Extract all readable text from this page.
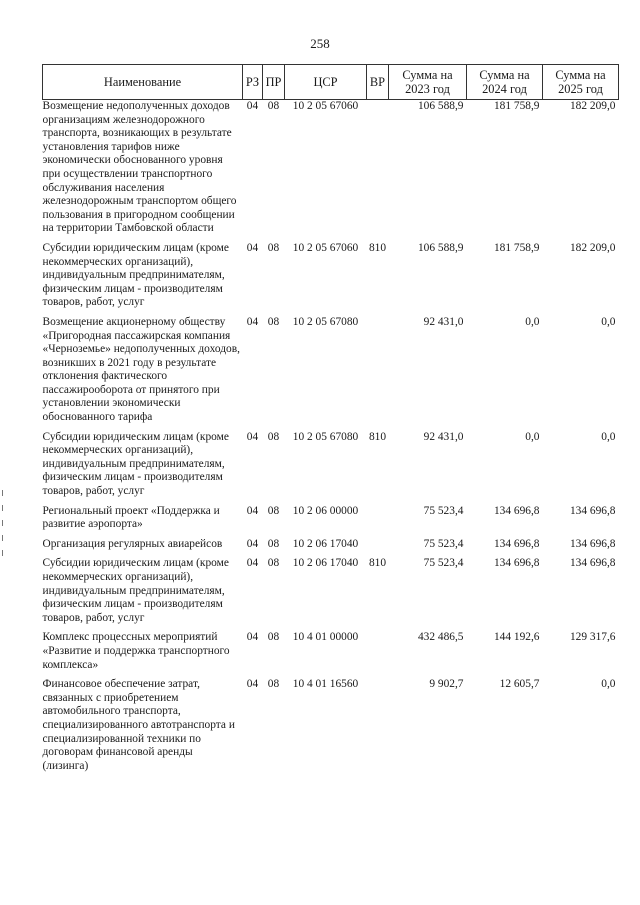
258
Наименование	РЗ	ПР	ЦСР	ВР	Сумма на 2023 год	Сумма на 2024 год	Сумма на 2025 год
Возмещение недополученных доходов организациям железнодорожного транспорта, возникающих в результате установления тарифов ниже экономически обоснованного уровня при осуществлении транспортного обслуживания населения железнодорожным транспортом общего пользования в пригородном сообщении на территории Тамбовской области	04	08	10 2 05 67060		106 588,9	181 758,9	182 209,0
Субсидии юридическим лицам (кроме некоммерческих организаций), индивидуальным предпринимателям, физическим лицам - производителям товаров, работ, услуг	04	08	10 2 05 67060	810	106 588,9	181 758,9	182 209,0
Возмещение акционерному обществу «Пригородная пассажирская компания «Черноземье» недополученных доходов, возникших в 2021 году в результате отклонения фактического пассажирооборота от принятого при установлении экономически обоснованного тарифа	04	08	10 2 05 67080		92 431,0	0,0	0,0
Субсидии юридическим лицам (кроме некоммерческих организаций), индивидуальным предпринимателям, физическим лицам - производителям товаров, работ, услуг	04	08	10 2 05 67080	810	92 431,0	0,0	0,0
Региональный проект «Поддержка и развитие аэропорта»	04	08	10 2 06 00000		75 523,4	134 696,8	134 696,8
Организация регулярных авиарейсов	04	08	10 2 06 17040		75 523,4	134 696,8	134 696,8
Субсидии юридическим лицам (кроме некоммерческих организаций), индивидуальным предпринимателям, физическим лицам - производителям товаров, работ, услуг	04	08	10 2 06 17040	810	75 523,4	134 696,8	134 696,8
Комплекс процессных мероприятий «Развитие и поддержка транспортного комплекса»	04	08	10 4 01 00000		432 486,5	144 192,6	129 317,6
Финансовое обеспечение затрат, связанных с приобретением автомобильного транспорта, специализированного автотранспорта и специализированной техники по договорам финансовой аренды (лизинга)	04	08	10 4 01 16560		9 902,7	12 605,7	0,0
